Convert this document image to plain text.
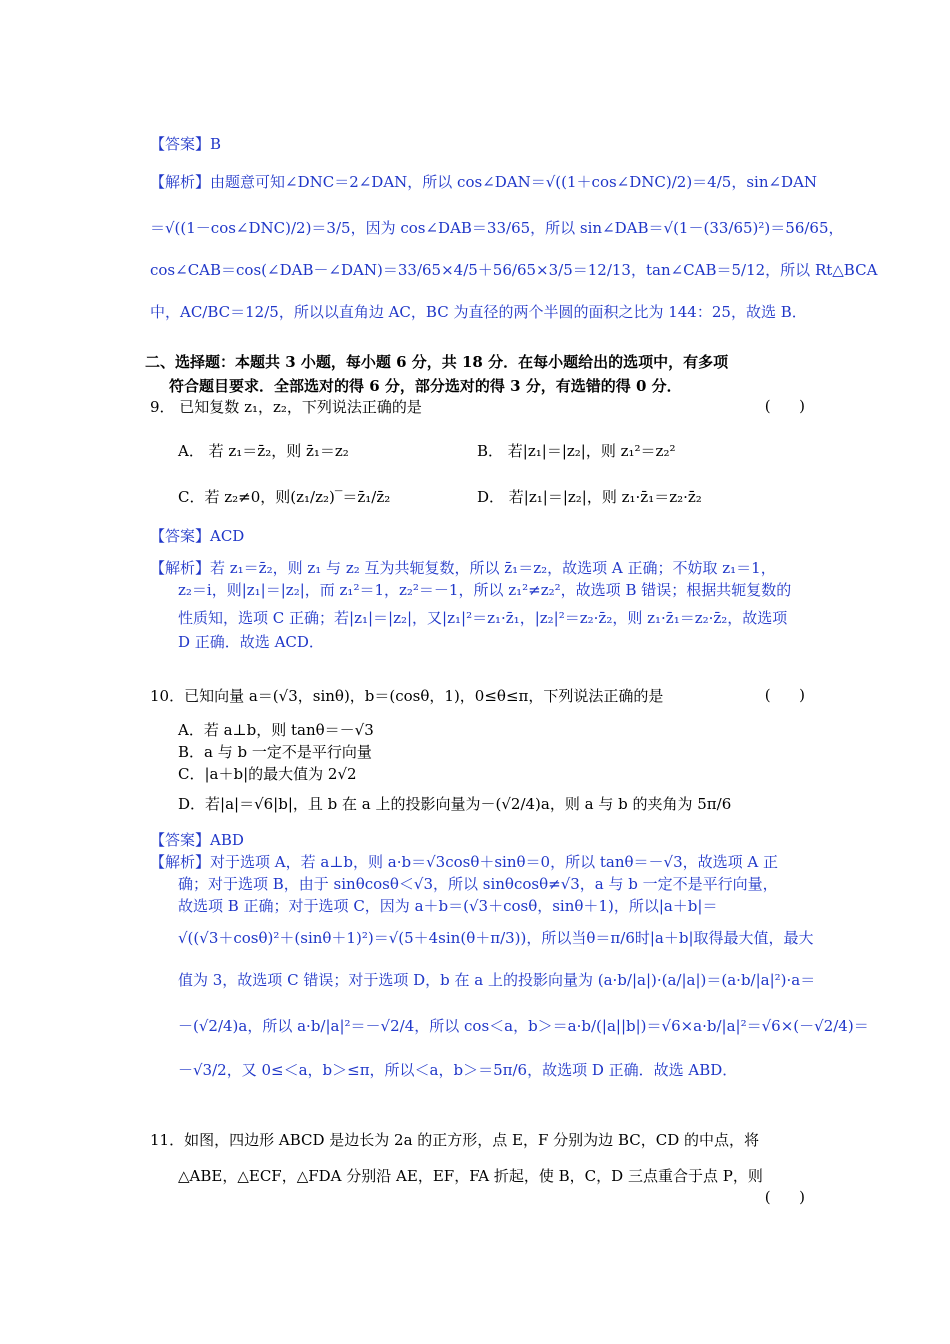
【答案】B
【解析】由题意可知∠DNC＝2∠DAN，所以 cos∠DAN＝√((1＋cos∠DNC)/2)＝4/5，sin∠DAN
＝√((1－cos∠DNC)/2)＝3/5，因为 cos∠DAB＝33/65，所以 sin∠DAB＝√(1－(33/65)²)＝56/65，
cos∠CAB＝cos(∠DAB－∠DAN)＝33/65×4/5＋56/65×3/5＝12/13，tan∠CAB＝5/12，所以 Rt△BCA
中，AC/BC＝12/5，所以以直角边 AC，BC 为直径的两个半圆的面积之比为 144：25，故选 B．
二、选择题：本题共 3 小题，每小题 6 分，共 18 分．在每小题给出的选项中，有多项
符合题目要求．全部选对的得 6 分，部分选对的得 3 分，有选错的得 0 分．
9． 已知复数 z₁，z₂，下列说法正确的是	(      )
A． 若 z₁＝z̄₂，则 z̄₁＝z₂	B． 若|z₁|＝|z₂|，则 z₁²＝z₂²
C．若 z₂≠0，则(z₁/z₂)‾＝z̄₁/z̄₂	D． 若|z₁|＝|z₂|，则 z₁·z̄₁＝z₂·z̄₂
【答案】ACD
【解析】若 z₁＝z̄₂，则 z₁ 与 z₂ 互为共轭复数，所以 z̄₁＝z₂，故选项 A 正确；不妨取 z₁＝1，
z₂＝i，则|z₁|＝|z₂|，而 z₁²＝1，z₂²＝－1，所以 z₁²≠z₂²，故选项 B 错误；根据共轭复数的
性质知，选项 C 正确；若|z₁|＝|z₂|，又|z₁|²＝z₁·z̄₁，|z₂|²＝z₂·z̄₂，则 z₁·z̄₁＝z₂·z̄₂，故选项
D 正确．故选 ACD．
10．已知向量 a＝(√3，sinθ)，b＝(cosθ，1)，0≤θ≤π，下列说法正确的是	(      )
A．若 a⊥b，则 tanθ＝－√3
B．a 与 b 一定不是平行向量
C．|a＋b|的最大值为 2√2
D．若|a|＝√6|b|，且 b 在 a 上的投影向量为－(√2/4)a，则 a 与 b 的夹角为 5π/6
【答案】ABD
【解析】对于选项 A，若 a⊥b，则 a·b＝√3cosθ＋sinθ＝0，所以 tanθ＝－√3，故选项 A 正
确；对于选项 B，由于 sinθcosθ＜√3，所以 sinθcosθ≠√3，a 与 b 一定不是平行向量，
故选项 B 正确；对于选项 C，因为 a＋b＝(√3＋cosθ，sinθ＋1)，所以|a＋b|＝
√((√3＋cosθ)²＋(sinθ＋1)²)＝√(5＋4sin(θ＋π/3))，所以当θ＝π/6时|a＋b|取得最大值，最大
值为 3，故选项 C 错误；对于选项 D，b 在 a 上的投影向量为 (a·b/|a|)·(a/|a|)＝(a·b/|a|²)·a＝
－(√2/4)a，所以 a·b/|a|²＝－√2/4，所以 cos＜a，b＞＝a·b/(|a||b|)＝√6×a·b/|a|²＝√6×(－√2/4)＝
－√3/2，又 0≤＜a，b＞≤π，所以＜a，b＞＝5π/6，故选项 D 正确．故选 ABD．
11．如图，四边形 ABCD 是边长为 2a 的正方形，点 E，F 分别为边 BC，CD 的中点，将
△ABE，△ECF，△FDA 分别沿 AE，EF，FA 折起，使 B，C，D 三点重合于点 P，则
(      )
